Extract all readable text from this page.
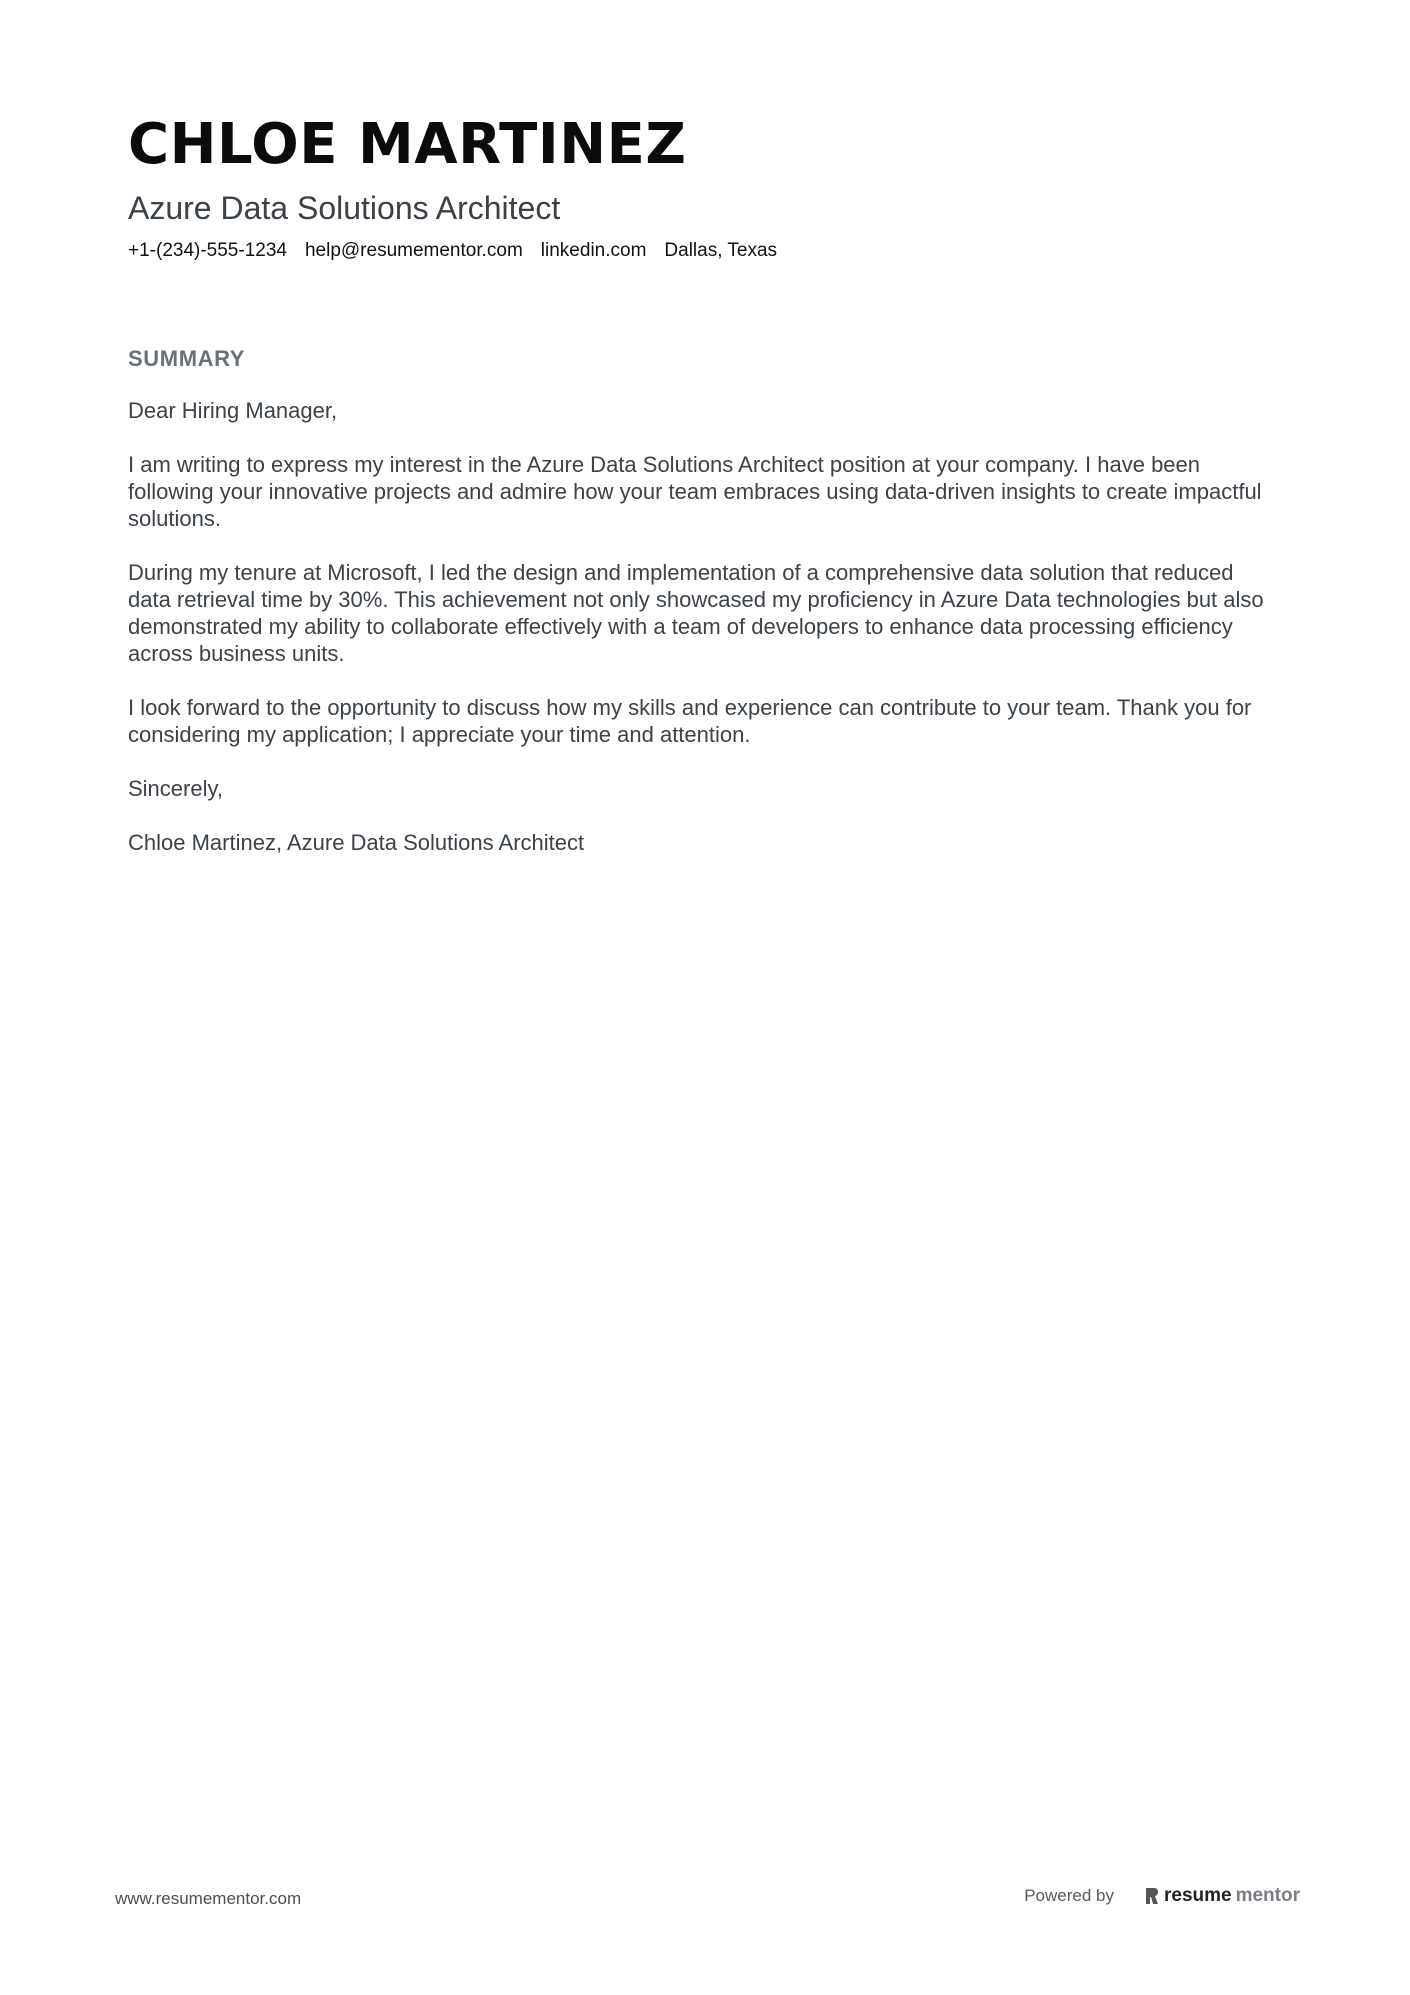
CHLOE MARTINEZ
Azure Data Solutions Architect
+1-(234)-555-1234 help@resumementor.com linkedin.com Dallas, Texas
SUMMARY

Dear Hiring Manager,

I am writing to express my interest in the Azure Data Solutions Architect position at your company. I have been following your innovative projects and admire how your team embraces using data-driven insights to create impactful solutions.

During my tenure at Microsoft, I led the design and implementation of a comprehensive data solution that reduced data retrieval time by 30%. This achievement not only showcased my proficiency in Azure Data technologies but also demonstrated my ability to collaborate effectively with a team of developers to enhance data processing efficiency across business units.

I look forward to the opportunity to discuss how my skills and experience can contribute to your team. Thank you for considering my application; I appreciate your time and attention.

Sincerely,

Chloe Martinez, Azure Data Solutions Architect

www.resumementor.com	Powered by	resume mentor
